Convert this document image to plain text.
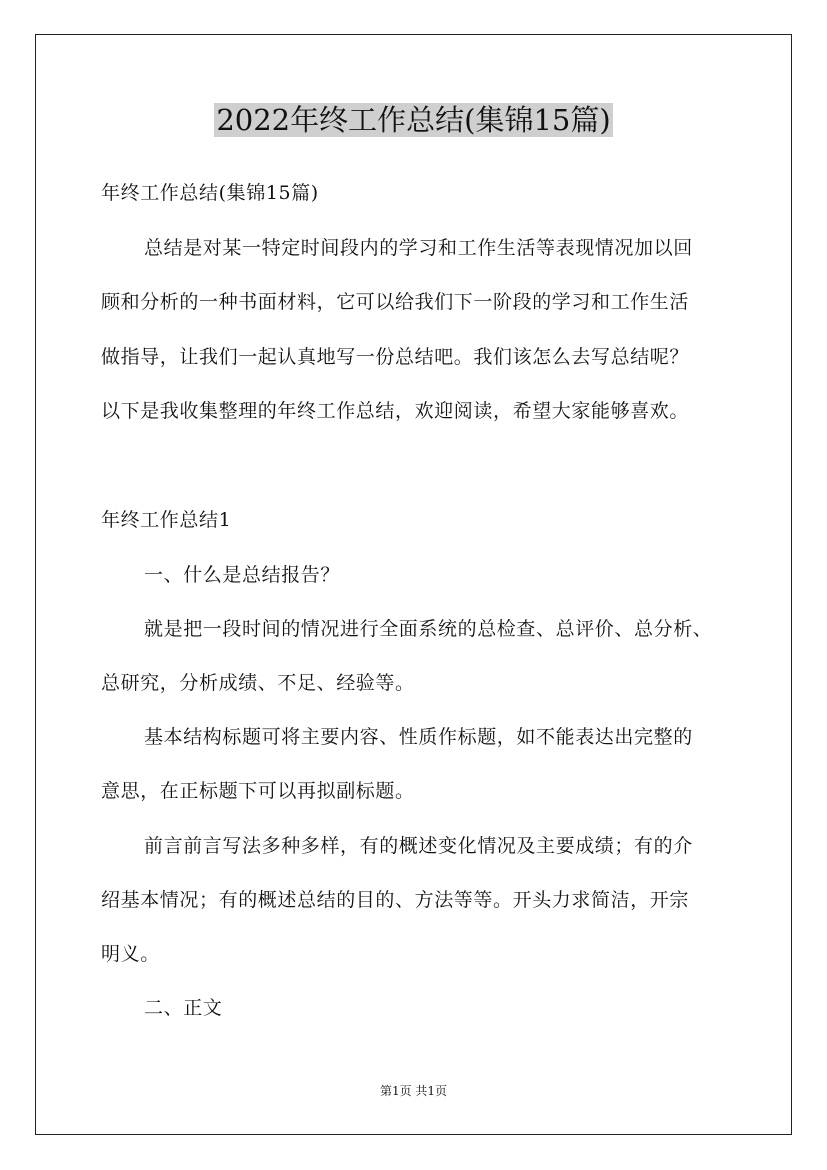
2022年终工作总结(集锦15篇)
年终工作总结(集锦15篇)
总结是对某一特定时间段内的学习和工作生活等表现情况加以回
顾和分析的一种书面材料，它可以给我们下一阶段的学习和工作生活
做指导，让我们一起认真地写一份总结吧。我们该怎么去写总结呢？
以下是我收集整理的年终工作总结，欢迎阅读，希望大家能够喜欢。
年终工作总结1
一、什么是总结报告？
就是把一段时间的情况进行全面系统的总检查、总评价、总分析、
总研究，分析成绩、不足、经验等。
基本结构标题可将主要内容、性质作标题，如不能表达出完整的
意思，在正标题下可以再拟副标题。
前言前言写法多种多样，有的概述变化情况及主要成绩；有的介
绍基本情况；有的概述总结的目的、方法等等。开头力求简洁，开宗
明义。
二、正文
第1页 共1页
